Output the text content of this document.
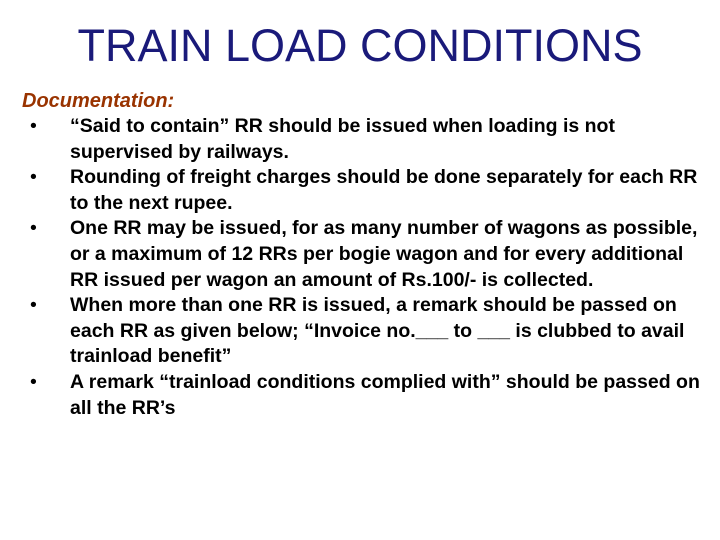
TRAIN LOAD CONDITIONS
Documentation:
• “Said to contain” RR should be issued when loading is not supervised by railways.
• Rounding of freight charges should be done separately for each RR to the next rupee.
• One RR may be issued, for as many number of wagons as possible, or a maximum of 12 RRs per bogie wagon and for every additional RR issued per wagon an amount of Rs.100/- is collected.
• When more than one RR is issued, a remark should be passed on each RR as given below; “Invoice no.___ to ___ is clubbed to avail trainload benefit”
• A remark “trainload conditions complied with” should be passed on all the RR’s
